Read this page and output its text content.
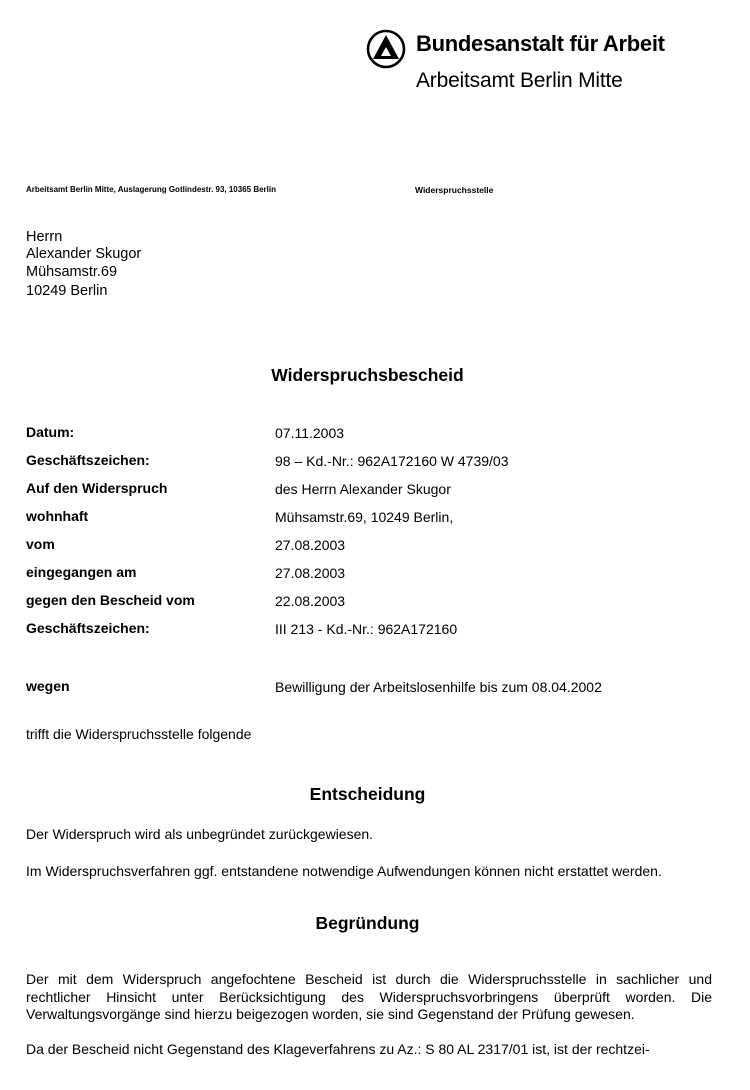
Bundesanstalt für Arbeit
Arbeitsamt Berlin Mitte
Arbeitsamt Berlin Mitte, Auslagerung Gotlindestr. 93, 10365 Berlin	Widerspruchsstelle
Herrn
Alexander Skugor
Mühsamstr.69
10249 Berlin
Widerspruchsbescheid
Datum:	07.11.2003
Geschäftszeichen:	98 – Kd.-Nr.: 962A172160 W 4739/03
Auf den Widerspruch	des Herrn Alexander Skugor
wohnhaft	Mühsamstr.69, 10249 Berlin,
vom	27.08.2003
eingegangen am	27.08.2003
gegen den Bescheid vom	22.08.2003
Geschäftszeichen:	III 213 - Kd.-Nr.: 962A172160
wegen	Bewilligung der Arbeitslosenhilfe bis zum 08.04.2002
trifft die Widerspruchsstelle folgende
Entscheidung
Der Widerspruch wird als unbegründet zurückgewiesen.
Im Widerspruchsverfahren ggf. entstandene notwendige Aufwendungen können nicht erstattet werden.
Begründung
Der mit dem Widerspruch angefochtene Bescheid ist durch die Widerspruchsstelle in sachlicher und rechtlicher Hinsicht unter Berücksichtigung des Widerspruchsvorbringens überprüft worden. Die Verwaltungsvorgänge sind hierzu beigezogen worden, sie sind Gegenstand der Prüfung gewesen.
Da der Bescheid nicht Gegenstand des Klageverfahrens zu Az.: S 80 AL 2317/01 ist, ist der rechtzei-
